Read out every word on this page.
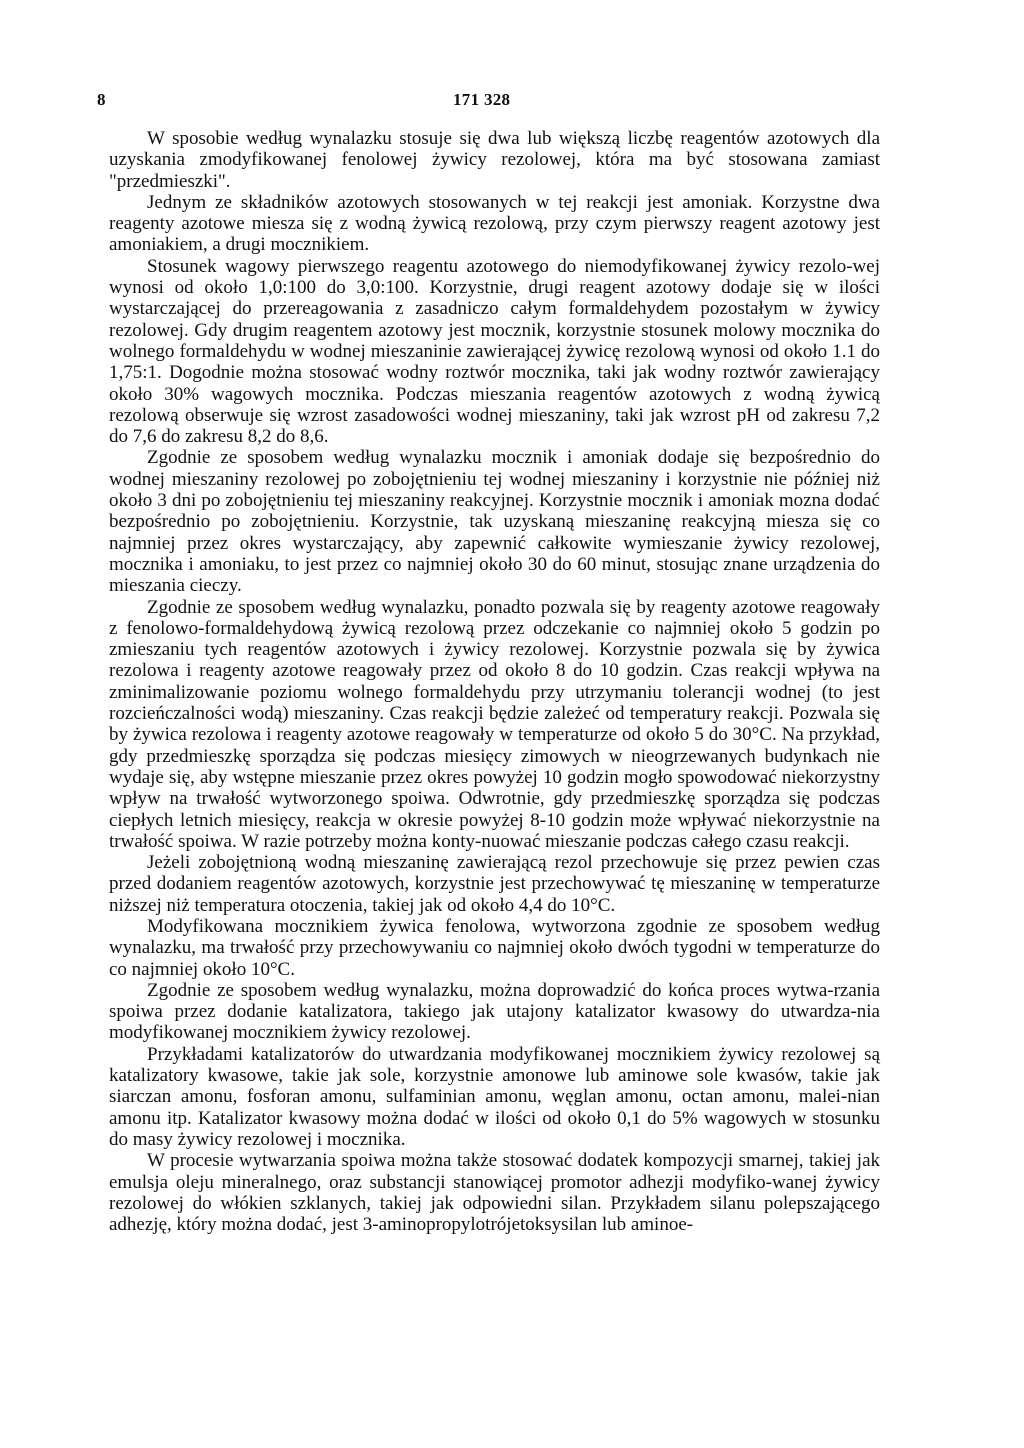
8	171 328

W sposobie według wynalazku stosuje się dwa lub większą liczbę reagentów azotowych dla uzyskania zmodyfikowanej fenolowej żywicy rezolowej, która ma być stosowana zamiast "przedmieszki".

Jednym ze składników azotowych stosowanych w tej reakcji jest amoniak. Korzystne dwa reagenty azotowe miesza się z wodną żywicą rezolową, przy czym pierwszy reagent azotowy jest amoniakiem, a drugi mocznikiem.

Stosunek wagowy pierwszego reagentu azotowego do niemodyfikowanej żywicy rezolo-wej wynosi od około 1,0:100 do 3,0:100. Korzystnie, drugi reagent azotowy dodaje się w ilości wystarczającej do przereagowania z zasadniczo całym formaldehydem pozostałym w żywicy rezolowej. Gdy drugim reagentem azotowy jest mocznik, korzystnie stosunek molowy mocznika do wolnego formaldehydu w wodnej mieszaninie zawierającej żywicę rezolową wynosi od około 1.1 do 1,75:1. Dogodnie można stosować wodny roztwór mocznika, taki jak wodny roztwór zawierający około 30% wagowych mocznika. Podczas mieszania reagentów azotowych z wodną żywicą rezolową obserwuje się wzrost zasadowości wodnej mieszaniny, taki jak wzrost pH od zakresu 7,2 do 7,6 do zakresu 8,2 do 8,6.

Zgodnie ze sposobem według wynalazku mocznik i amoniak dodaje się bezpośrednio do wodnej mieszaniny rezolowej po zobojętnieniu tej wodnej mieszaniny i korzystnie nie później niż około 3 dni po zobojętnieniu tej mieszaniny reakcyjnej. Korzystnie mocznik i amoniak mozna dodać bezpośrednio po zobojętnieniu. Korzystnie, tak uzyskaną mieszaninę reakcyjną miesza się co najmniej przez okres wystarczający, aby zapewnić całkowite wymieszanie żywicy rezolowej, mocznika i amoniaku, to jest przez co najmniej około 30 do 60 minut, stosując znane urządzenia do mieszania cieczy.

Zgodnie ze sposobem według wynalazku, ponadto pozwala się by reagenty azotowe reagowały z fenolowo-formaldehydową żywicą rezolową przez odczekanie co najmniej około 5 godzin po zmieszaniu tych reagentów azotowych i żywicy rezolowej. Korzystnie pozwala się by żywica rezolowa i reagenty azotowe reagowały przez od około 8 do 10 godzin. Czas reakcji wpływa na zminimalizowanie poziomu wolnego formaldehydu przy utrzymaniu tolerancji wodnej (to jest rozcieńczalności wodą) mieszaniny. Czas reakcji będzie zależeć od temperatury reakcji. Pozwala się by żywica rezolowa i reagenty azotowe reagowały w temperaturze od około 5 do 30°C. Na przykład, gdy przedmieszkę sporządza się podczas miesięcy zimowych w nieogrzewanych budynkach nie wydaje się, aby wstępne mieszanie przez okres powyżej 10 godzin mogło spowodować niekorzystny wpływ na trwałość wytworzonego spoiwa. Odwrotnie, gdy przedmieszkę sporządza się podczas ciepłych letnich miesięcy, reakcja w okresie powyżej 8-10 godzin może wpływać niekorzystnie na trwałość spoiwa. W razie potrzeby można konty-nuować mieszanie podczas całego czasu reakcji.

Jeżeli zobojętnioną wodną mieszaninę zawierającą rezol przechowuje się przez pewien czas przed dodaniem reagentów azotowych, korzystnie jest przechowywać tę mieszaninę w temperaturze niższej niż temperatura otoczenia, takiej jak od około 4,4 do 10°C.

Modyfikowana mocznikiem żywica fenolowa, wytworzona zgodnie ze sposobem według wynalazku, ma trwałość przy przechowywaniu co najmniej około dwóch tygodni w temperaturze do co najmniej około 10°C.

Zgodnie ze sposobem według wynalazku, można doprowadzić do końca proces wytwa-rzania spoiwa przez dodanie katalizatora, takiego jak utajony katalizator kwasowy do utwardza-nia modyfikowanej mocznikiem żywicy rezolowej.

Przykładami katalizatorów do utwardzania modyfikowanej mocznikiem żywicy rezolowej są katalizatory kwasowe, takie jak sole, korzystnie amonowe lub aminowe sole kwasów, takie jak siarczan amonu, fosforan amonu, sulfaminian amonu, węglan amonu, octan amonu, malei-nian amonu itp. Katalizator kwasowy można dodać w ilości od około 0,1 do 5% wagowych w stosunku do masy żywicy rezolowej i mocznika.

W procesie wytwarzania spoiwa można także stosować dodatek kompozycji smarnej, takiej jak emulsja oleju mineralnego, oraz substancji stanowiącej promotor adhezji modyfiko-wanej żywicy rezolowej do włókien szklanych, takiej jak odpowiedni silan. Przykładem silanu polepszającego adhezję, który można dodać, jest 3-aminopropylotrójetoksysilan lub aminoe-
